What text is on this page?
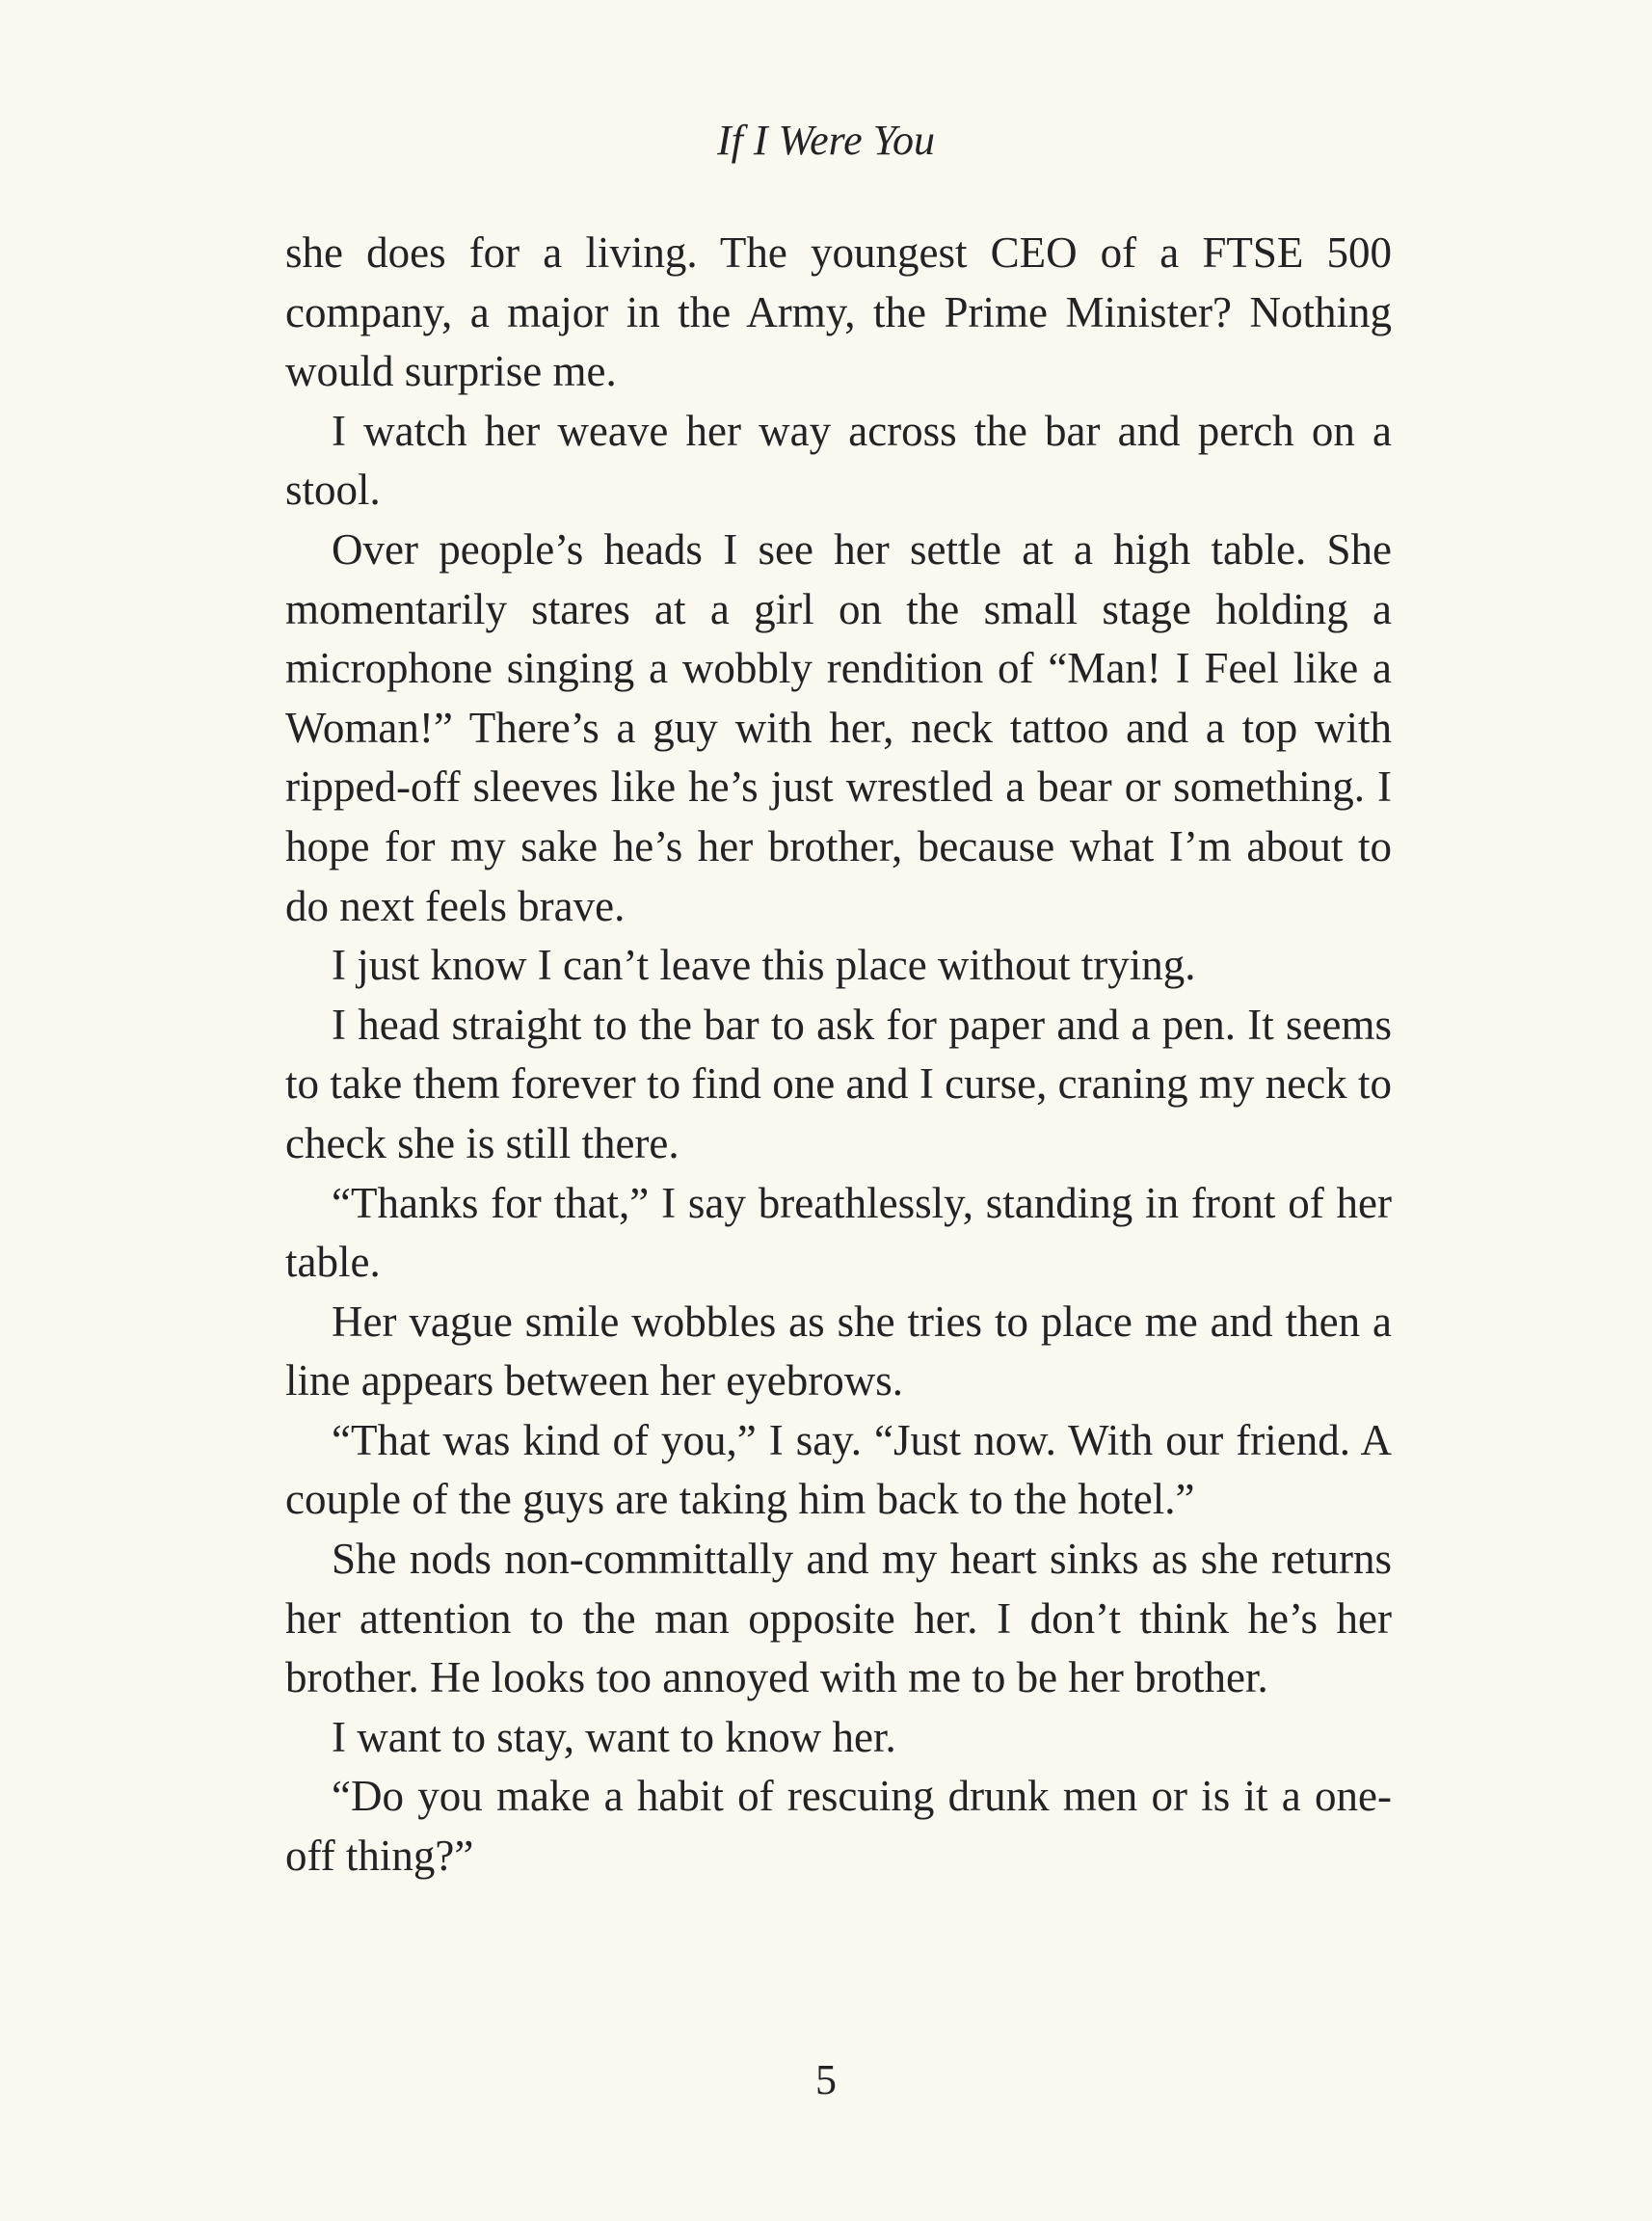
If I Were You

she does for a living. The youngest CEO of a FTSE 500 company, a major in the Army, the Prime Minister? Nothing would surprise me.

I watch her weave her way across the bar and perch on a stool.

Over people’s heads I see her settle at a high table. She momentarily stares at a girl on the small stage holding a microphone singing a wobbly rendition of “Man! I Feel like a Woman!” There’s a guy with her, neck tattoo and a top with ripped-off sleeves like he’s just wrestled a bear or something. I hope for my sake he’s her brother, because what I’m about to do next feels brave.

I just know I can’t leave this place without trying.

I head straight to the bar to ask for paper and a pen. It seems to take them forever to find one and I curse, craning my neck to check she is still there.

“Thanks for that,” I say breathlessly, standing in front of her table.

Her vague smile wobbles as she tries to place me and then a line appears between her eyebrows.

“That was kind of you,” I say. “Just now. With our friend. A couple of the guys are taking him back to the hotel.”

She nods non-committally and my heart sinks as she returns her attention to the man opposite her. I don’t think he’s her brother. He looks too annoyed with me to be her brother.

I want to stay, want to know her.

“Do you make a habit of rescuing drunk men or is it a one-off thing?”

5
